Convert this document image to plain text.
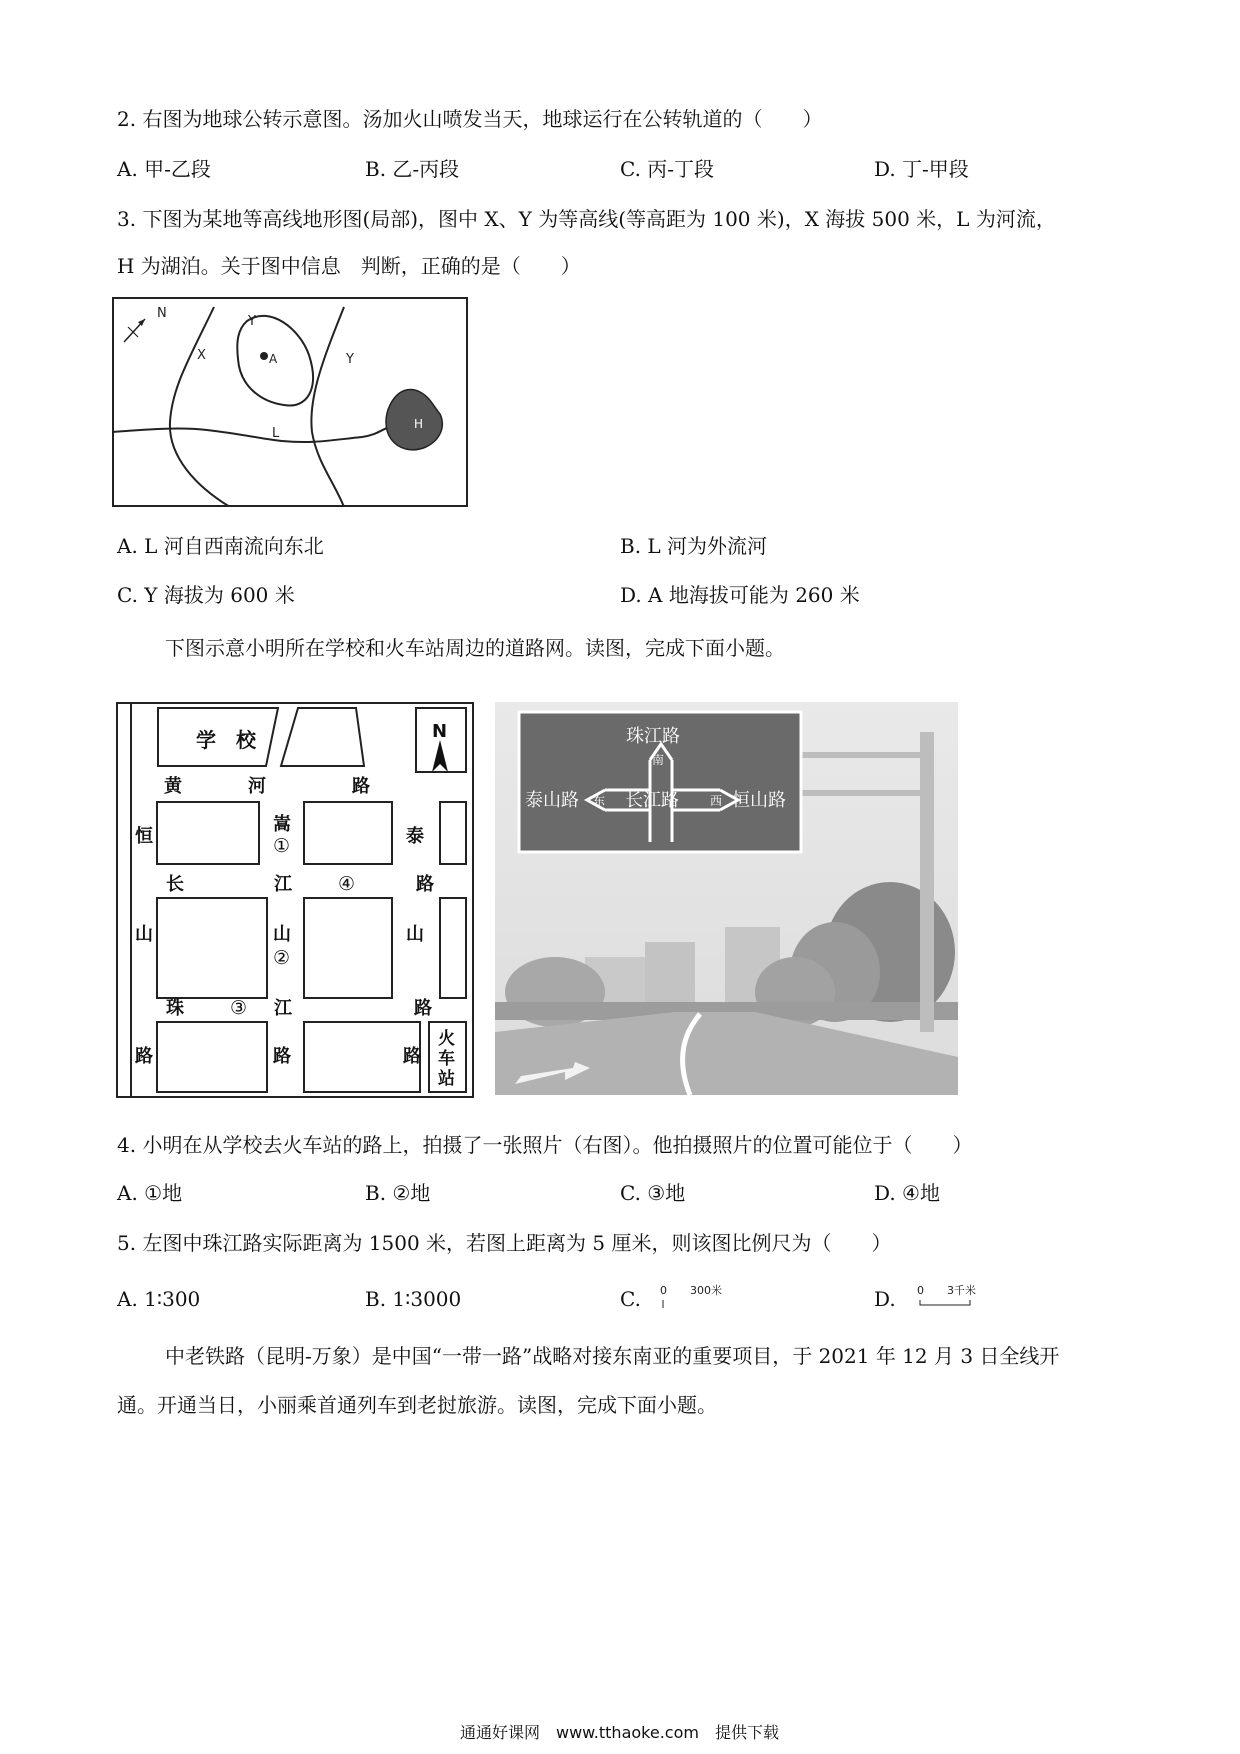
2. 右图为地球公转示意图。汤加火山喷发当天，地球运行在公转轨道的（　　）
A. 甲-乙段	B. 乙-丙段	C. 丙-丁段	D. 丁-甲段
3. 下图为某地等高线地形图(局部)，图中 X、Y 为等高线(等高距为 100 米)，X 海拔 500 米，L 为河流，
H 为湖泊。关于图中信息　判断，正确的是（　　）
N
X
Y
A	Y
L
H
A. L 河自西南流向东北	B. L 河为外流河
C. Y 海拔为 600 米	D. A 地海拔可能为 260 米
下图示意小明所在学校和火车站周边的道路网。读图，完成下面小题。
学　校	N
黄	河	路
长	江	路
④
珠	江	路
③
恒
山
路
嵩
①
山
②
路
泰
山
路
火
车
站
珠江路
南
泰山路 东 长江路	西 恒山路
4. 小明在从学校去火车站的路上，拍摄了一张照片（右图）。他拍摄照片的位置可能位于（　　）
A. ①地	B. ②地	C. ③地	D. ④地
5. 左图中珠江路实际距离为 1500 米，若图上距离为 5 厘米，则该图比例尺为（　　）
A. 1∶300	B. 1∶3000	C. 0 300米	D. 0 3千米
中老铁路（昆明-万象）是中国“一带一路”战略对接东南亚的重要项目，于 2021 年 12 月 3 日全线开
通。开通当日，小丽乘首通列车到老挝旅游。读图，完成下面小题。
通通好课网　www.tthaoke.com　提供下载
